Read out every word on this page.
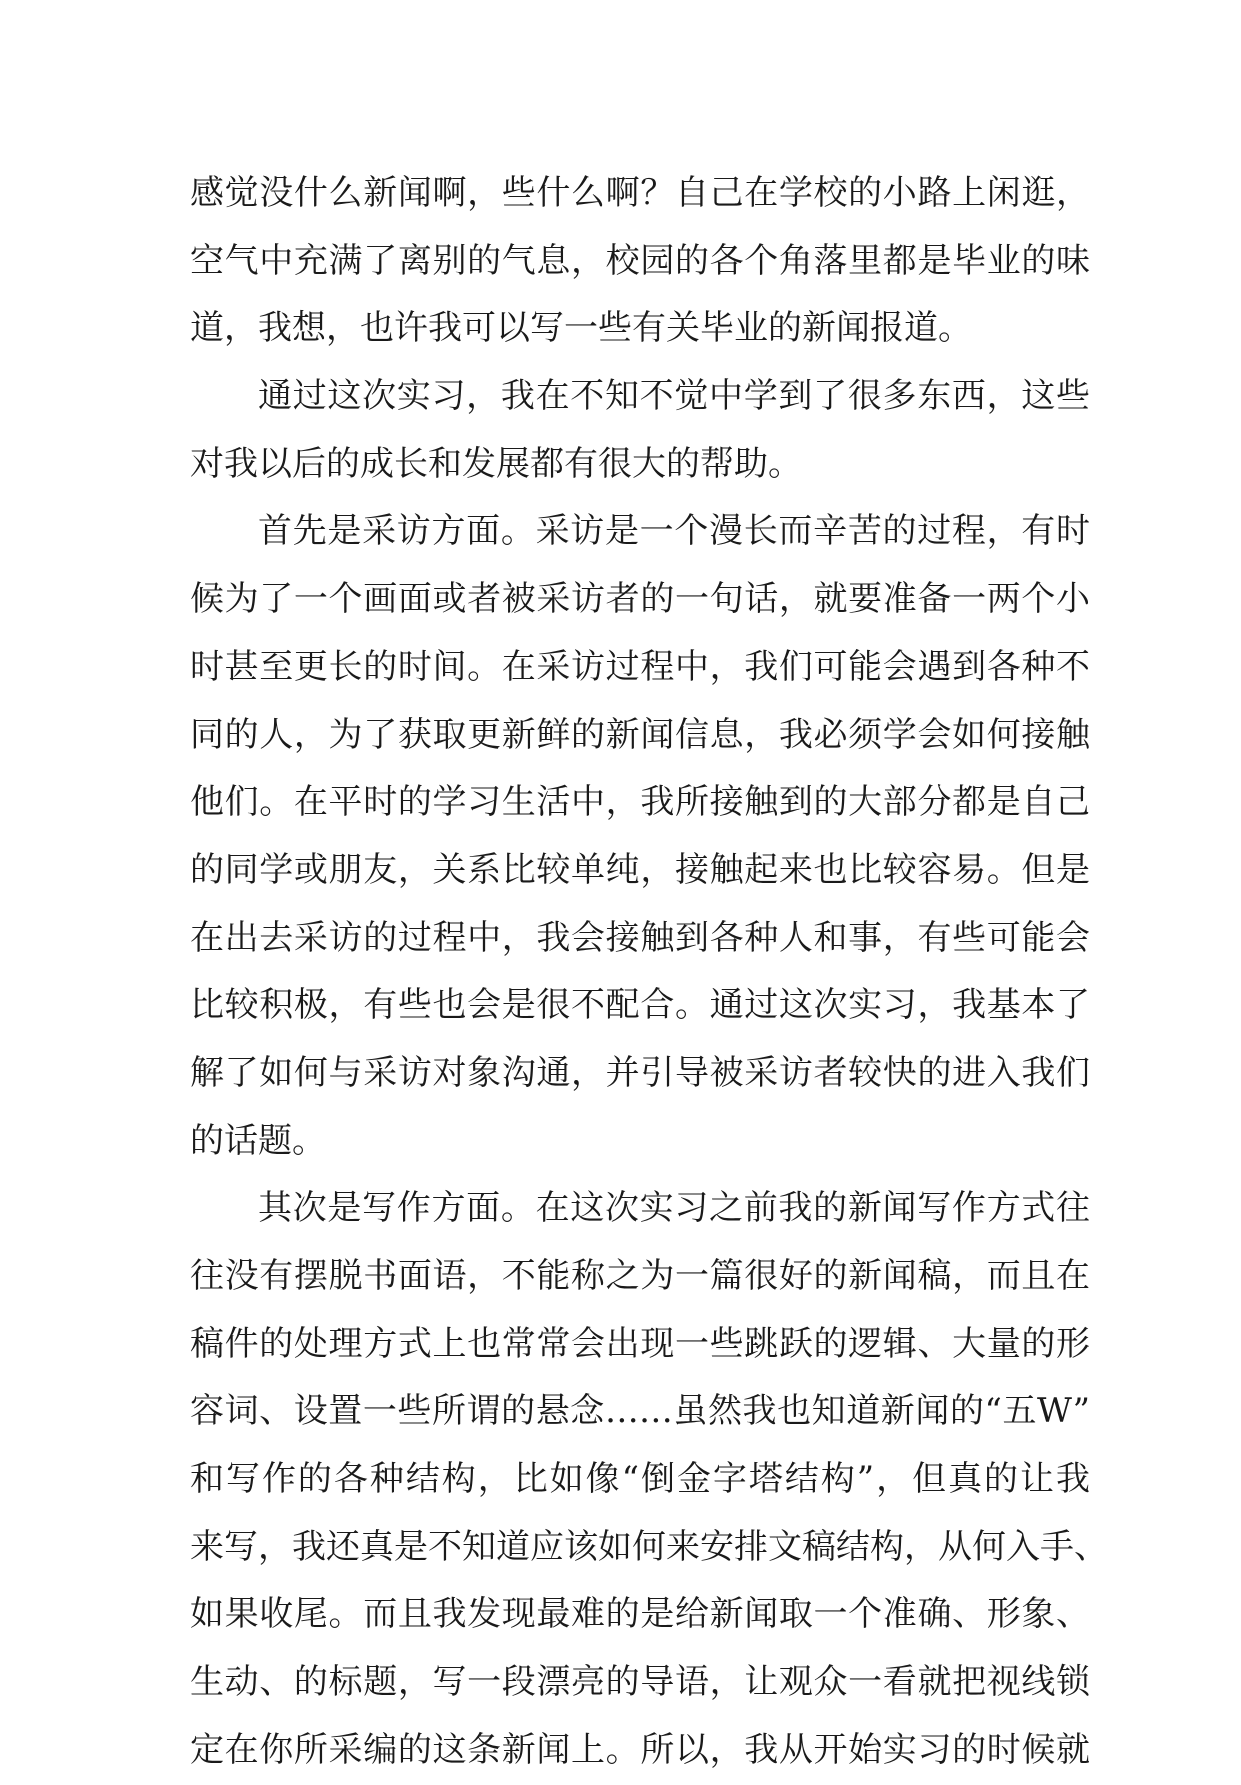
感觉没什么新闻啊，些什么啊？自己在学校的小路上闲逛，
空气中充满了离别的气息，校园的各个角落里都是毕业的味
道，我想，也许我可以写一些有关毕业的新闻报道。
通过这次实习，我在不知不觉中学到了很多东西，这些
对我以后的成长和发展都有很大的帮助。
首先是采访方面。采访是一个漫长而辛苦的过程，有时
候为了一个画面或者被采访者的一句话，就要准备一两个小
时甚至更长的时间。在采访过程中，我们可能会遇到各种不
同的人，为了获取更新鲜的新闻信息，我必须学会如何接触
他们。在平时的学习生活中，我所接触到的大部分都是自己
的同学或朋友，关系比较单纯，接触起来也比较容易。但是
在出去采访的过程中，我会接触到各种人和事，有些可能会
比较积极，有些也会是很不配合。通过这次实习，我基本了
解了如何与采访对象沟通，并引导被采访者较快的进入我们
的话题。
其次是写作方面。在这次实习之前我的新闻写作方式往
往没有摆脱书面语，不能称之为一篇很好的新闻稿，而且在
稿件的处理方式上也常常会出现一些跳跃的逻辑、大量的形
容词、设置一些所谓的悬念……虽然我也知道新闻的“五W”
和写作的各种结构，比如像“倒金字塔结构”，但真的让我
来写，我还真是不知道应该如何来安排文稿结构，从何入手、
如果收尾。而且我发现最难的是给新闻取一个准确、形象、
生动、的标题，写一段漂亮的导语，让观众一看就把视线锁
定在你所采编的这条新闻上。所以，我从开始实习的时候就
